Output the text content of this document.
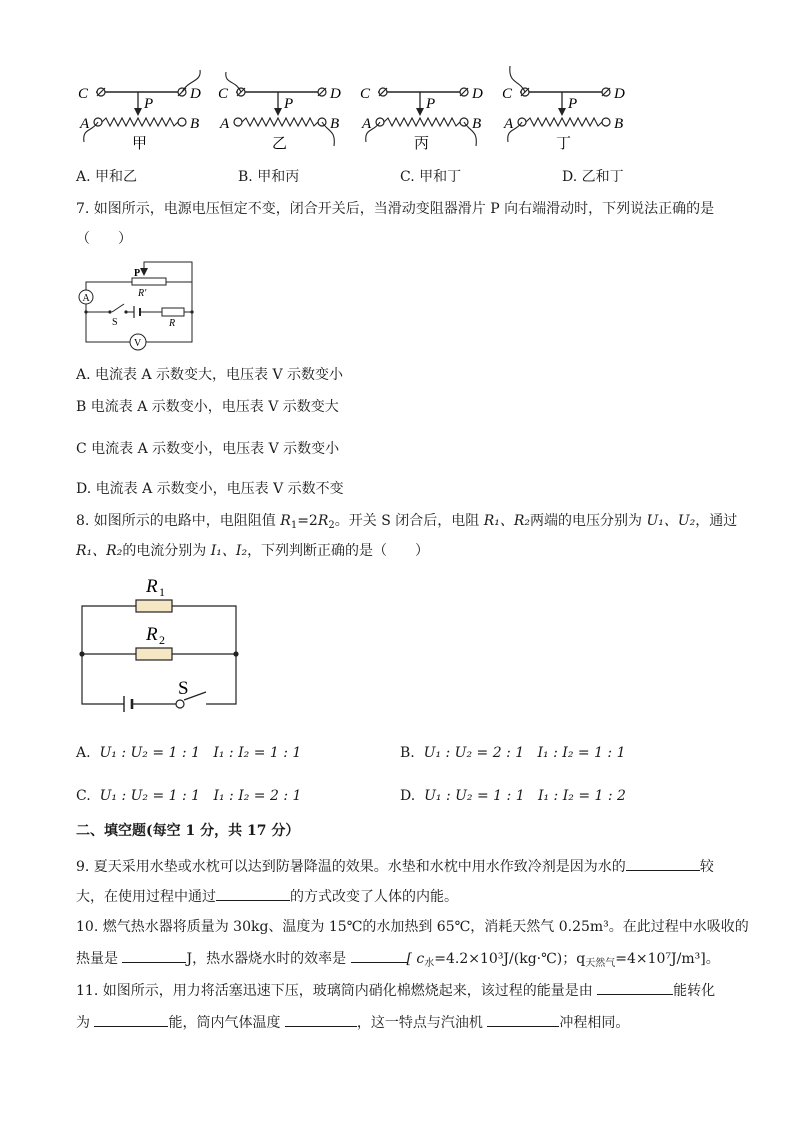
C	D
P
A	B
甲
C	D
P
A	B
乙
C	D
P
A	B
丙
C	D
P
A	B
丁
A. 甲和乙	B. 甲和丙	C. 甲和丁	D. 乙和丁
7. 如图所示，电源电压恒定不变，闭合开关后，当滑动变阻器滑片 P 向右端滑动时，下列说法正确的是
（　　）
A
V
P
R'
R
S
A. 电流表 A 示数变大，电压表 V 示数变小
B 电流表 A 示数变小，电压表 V 示数变大
C 电流表 A 示数变小，电压表 V 示数变小
D. 电流表 A 示数变小，电压表 V 示数不变
8. 如图所示的电路中，电阻阻值 $R_1=2R_2$。开关 S 闭合后，电阻 R₁、R₂两端的电压分别为 U₁、U₂，通过
R₁、R₂的电流分别为 I₁、I₂，下列判断正确的是（　　）
R 1
R 2
S
A. U₁ : U₂ = 1 : 1 I₁ : I₂ = 1 : 1	B. U₁ : U₂ = 2 : 1 I₁ : I₂ = 1 : 1
C. U₁ : U₂ = 1 : 1 I₁ : I₂ = 2 : 1	D. U₁ : U₂ = 1 : 1 I₁ : I₂ = 1 : 2
二、填空题(每空 1 分，共 17 分）
9. 夏天采用水垫或水枕可以达到防暑降温的效果。水垫和水枕中用水作致冷剂是因为水的	较
大，在使用过程中通过	的方式改变了人体的内能。
10. 燃气热水器将质量为 30kg、温度为 15℃的水加热到 65℃，消耗天然气 0.25m³。在此过程中水吸收的
热量是	J，热水器烧水时的效率是	[ $c_水=4.2\times 10^3J/(kg\cdot℃)$；$q_{天然气}=4\times 10^7J/m^3$]。
11. 如图所示，用力将活塞迅速下压，玻璃筒内硝化棉燃烧起来，该过程的能量是由	能转化
为	能，筒内气体温度	，这一特点与汽油机	冲程相同。
